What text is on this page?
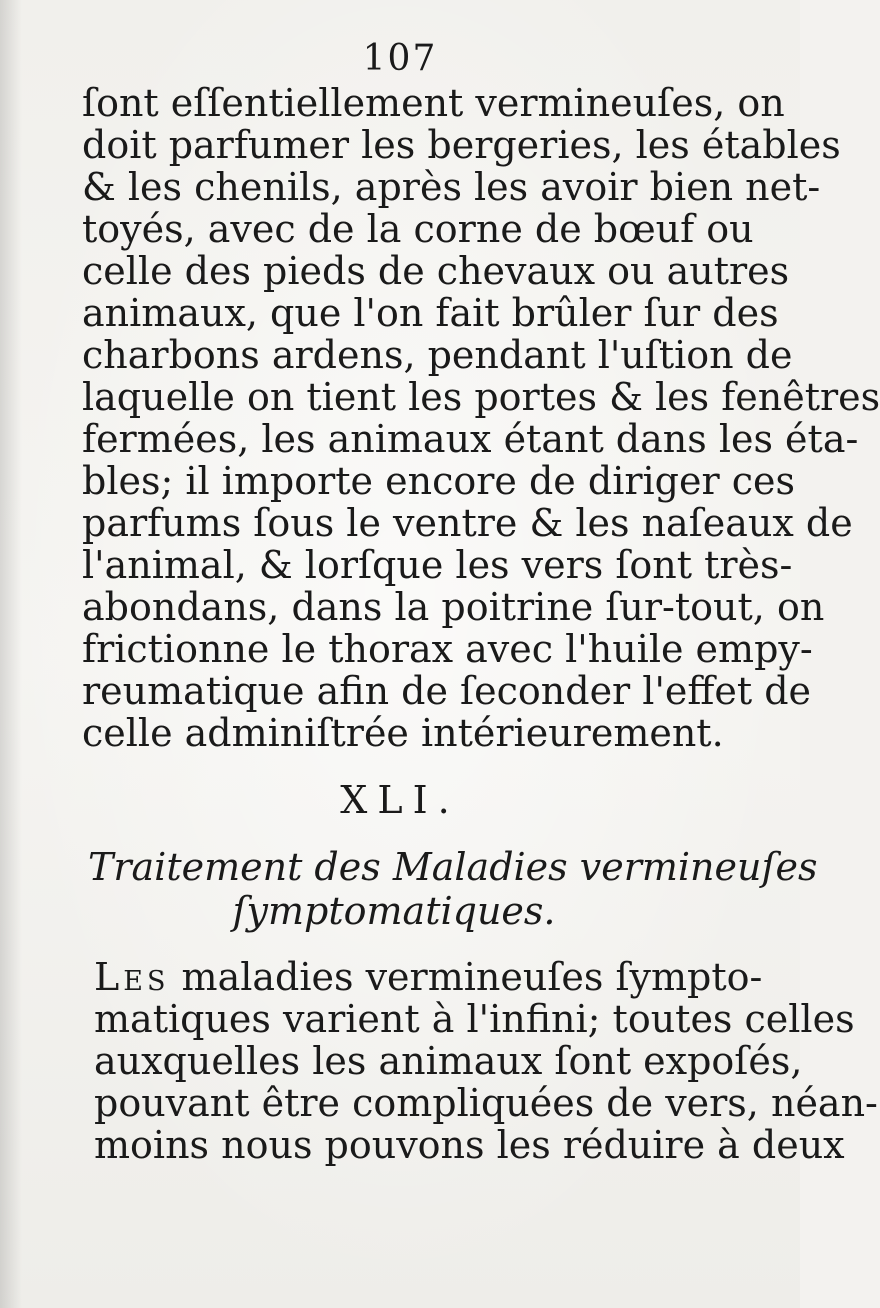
107
ſont eſſentiellement vermineuſes, on
doit parfumer les bergeries, les étables
& les chenils, après les avoir bien net-
toyés, avec de la corne de bœuf ou
celle des pieds de chevaux ou autres
animaux, que l'on fait brûler ſur des
charbons ardens, pendant l'uſtion de
laquelle on tient les portes & les fenêtres
fermées, les animaux étant dans les éta-
bles; il importe encore de diriger ces
parfums ſous le ventre & les naſeaux de
l'animal, & lorſque les vers ſont très-
abondans, dans la poitrine ſur-tout, on
frictionne le thorax avec l'huile empy-
reumatique afin de ſeconder l'effet de
celle adminiſtrée intérieurement.
XLI.
Traitement des Maladies vermineuſes
ſymptomatiques.
Les maladies vermineuſes ſympto-
matiques varient à l'infini; toutes celles
auxquelles les animaux ſont expoſés,
pouvant être compliquées de vers, néan-
moins nous pouvons les réduire à deux
